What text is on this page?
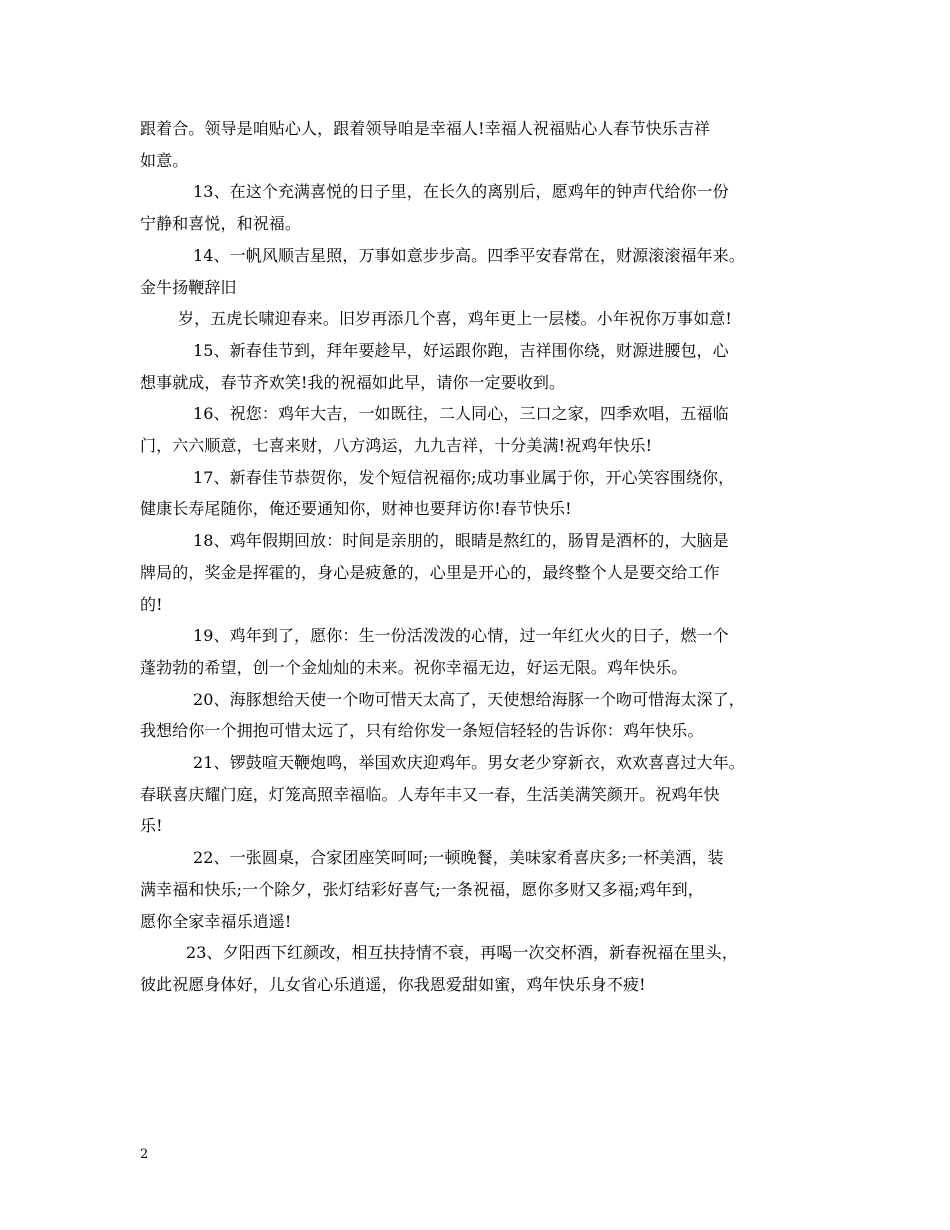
跟着合。领导是咱贴心人，跟着领导咱是幸福人!幸福人祝福贴心人春节快乐吉祥
如意。
13、在这个充满喜悦的日子里，在长久的离别后，愿鸡年的钟声代给你一份
宁静和喜悦，和祝福。
14、一帆风顺吉星照，万事如意步步高。四季平安春常在，财源滚滚福年来。
金牛扬鞭辞旧
岁，五虎长啸迎春来。旧岁再添几个喜，鸡年更上一层楼。小年祝你万事如意!
15、新春佳节到，拜年要趁早，好运跟你跑，吉祥围你绕，财源进腰包，心
想事就成，春节齐欢笑!我的祝福如此早，请你一定要收到。
16、祝您：鸡年大吉，一如既往，二人同心，三口之家，四季欢唱，五福临
门，六六顺意，七喜来财，八方鸿运，九九吉祥，十分美满!祝鸡年快乐!
17、新春佳节恭贺你，发个短信祝福你;成功事业属于你，开心笑容围绕你，
健康长寿尾随你，俺还要通知你，财神也要拜访你!春节快乐!
18、鸡年假期回放：时间是亲朋的，眼睛是熬红的，肠胃是酒杯的，大脑是
牌局的，奖金是挥霍的，身心是疲惫的，心里是开心的，最终整个人是要交给工作
的!
19、鸡年到了，愿你：生一份活泼泼的心情，过一年红火火的日子，燃一个
蓬勃勃的希望，创一个金灿灿的未来。祝你幸福无边，好运无限。鸡年快乐。
20、海豚想给天使一个吻可惜天太高了，天使想给海豚一个吻可惜海太深了，
我想给你一个拥抱可惜太远了，只有给你发一条短信轻轻的告诉你：鸡年快乐。
21、锣鼓喧天鞭炮鸣，举国欢庆迎鸡年。男女老少穿新衣，欢欢喜喜过大年。
春联喜庆耀门庭，灯笼高照幸福临。人寿年丰又一春，生活美满笑颜开。祝鸡年快
乐!
22、一张圆桌，合家团座笑呵呵;一顿晚餐，美味家肴喜庆多;一杯美酒，装
满幸福和快乐;一个除夕，张灯结彩好喜气;一条祝福，愿你多财又多福;鸡年到，
愿你全家幸福乐逍遥!
23、夕阳西下红颜改，相互扶持情不衰，再喝一次交杯酒，新春祝福在里头，
彼此祝愿身体好，儿女省心乐逍遥，你我恩爱甜如蜜，鸡年快乐身不疲!
2
